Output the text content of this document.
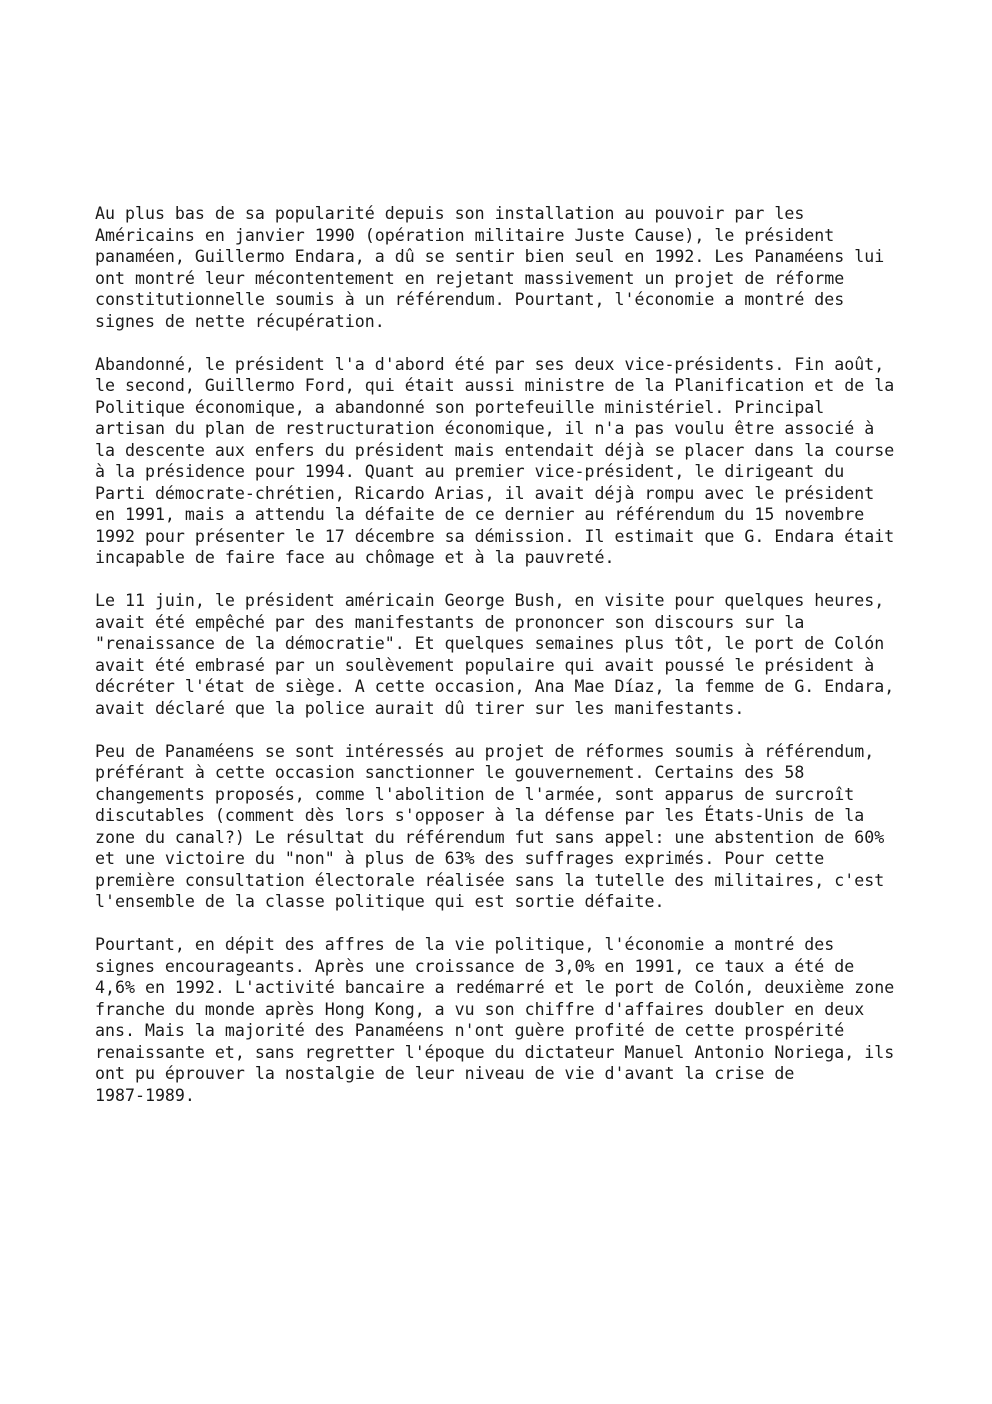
Au plus bas de sa popularité depuis son installation au pouvoir par les
Américains en janvier 1990 (opération militaire Juste Cause), le président
panaméen, Guillermo Endara, a dû se sentir bien seul en 1992. Les Panaméens lui
ont montré leur mécontentement en rejetant massivement un projet de réforme
constitutionnelle soumis à un référendum. Pourtant, l'économie a montré des
signes de nette récupération.
Abandonné, le président l'a d'abord été par ses deux vice-présidents. Fin août,
le second, Guillermo Ford, qui était aussi ministre de la Planification et de la
Politique économique, a abandonné son portefeuille ministériel. Principal
artisan du plan de restructuration économique, il n'a pas voulu être associé à
la descente aux enfers du président mais entendait déjà se placer dans la course
à la présidence pour 1994. Quant au premier vice-président, le dirigeant du
Parti démocrate-chrétien, Ricardo Arias, il avait déjà rompu avec le président
en 1991, mais a attendu la défaite de ce dernier au référendum du 15 novembre
1992 pour présenter le 17 décembre sa démission. Il estimait que G. Endara était
incapable de faire face au chômage et à la pauvreté.
Le 11 juin, le président américain George Bush, en visite pour quelques heures,
avait été empêché par des manifestants de prononcer son discours sur la
"renaissance de la démocratie". Et quelques semaines plus tôt, le port de Colón
avait été embrasé par un soulèvement populaire qui avait poussé le président à
décréter l'état de siège. A cette occasion, Ana Mae Díaz, la femme de G. Endara,
avait déclaré que la police aurait dû tirer sur les manifestants.
Peu de Panaméens se sont intéressés au projet de réformes soumis à référendum,
préférant à cette occasion sanctionner le gouvernement. Certains des 58
changements proposés, comme l'abolition de l'armée, sont apparus de surcroît
discutables (comment dès lors s'opposer à la défense par les États-Unis de la
zone du canal?) Le résultat du référendum fut sans appel: une abstention de 60%
et une victoire du "non" à plus de 63% des suffrages exprimés. Pour cette
première consultation électorale réalisée sans la tutelle des militaires, c'est
l'ensemble de la classe politique qui est sortie défaite.
Pourtant, en dépit des affres de la vie politique, l'économie a montré des
signes encourageants. Après une croissance de 3,0% en 1991, ce taux a été de
4,6% en 1992. L'activité bancaire a redémarré et le port de Colón, deuxième zone
franche du monde après Hong Kong, a vu son chiffre d'affaires doubler en deux
ans. Mais la majorité des Panaméens n'ont guère profité de cette prospérité
renaissante et, sans regretter l'époque du dictateur Manuel Antonio Noriega, ils
ont pu éprouver la nostalgie de leur niveau de vie d'avant la crise de
1987-1989.
